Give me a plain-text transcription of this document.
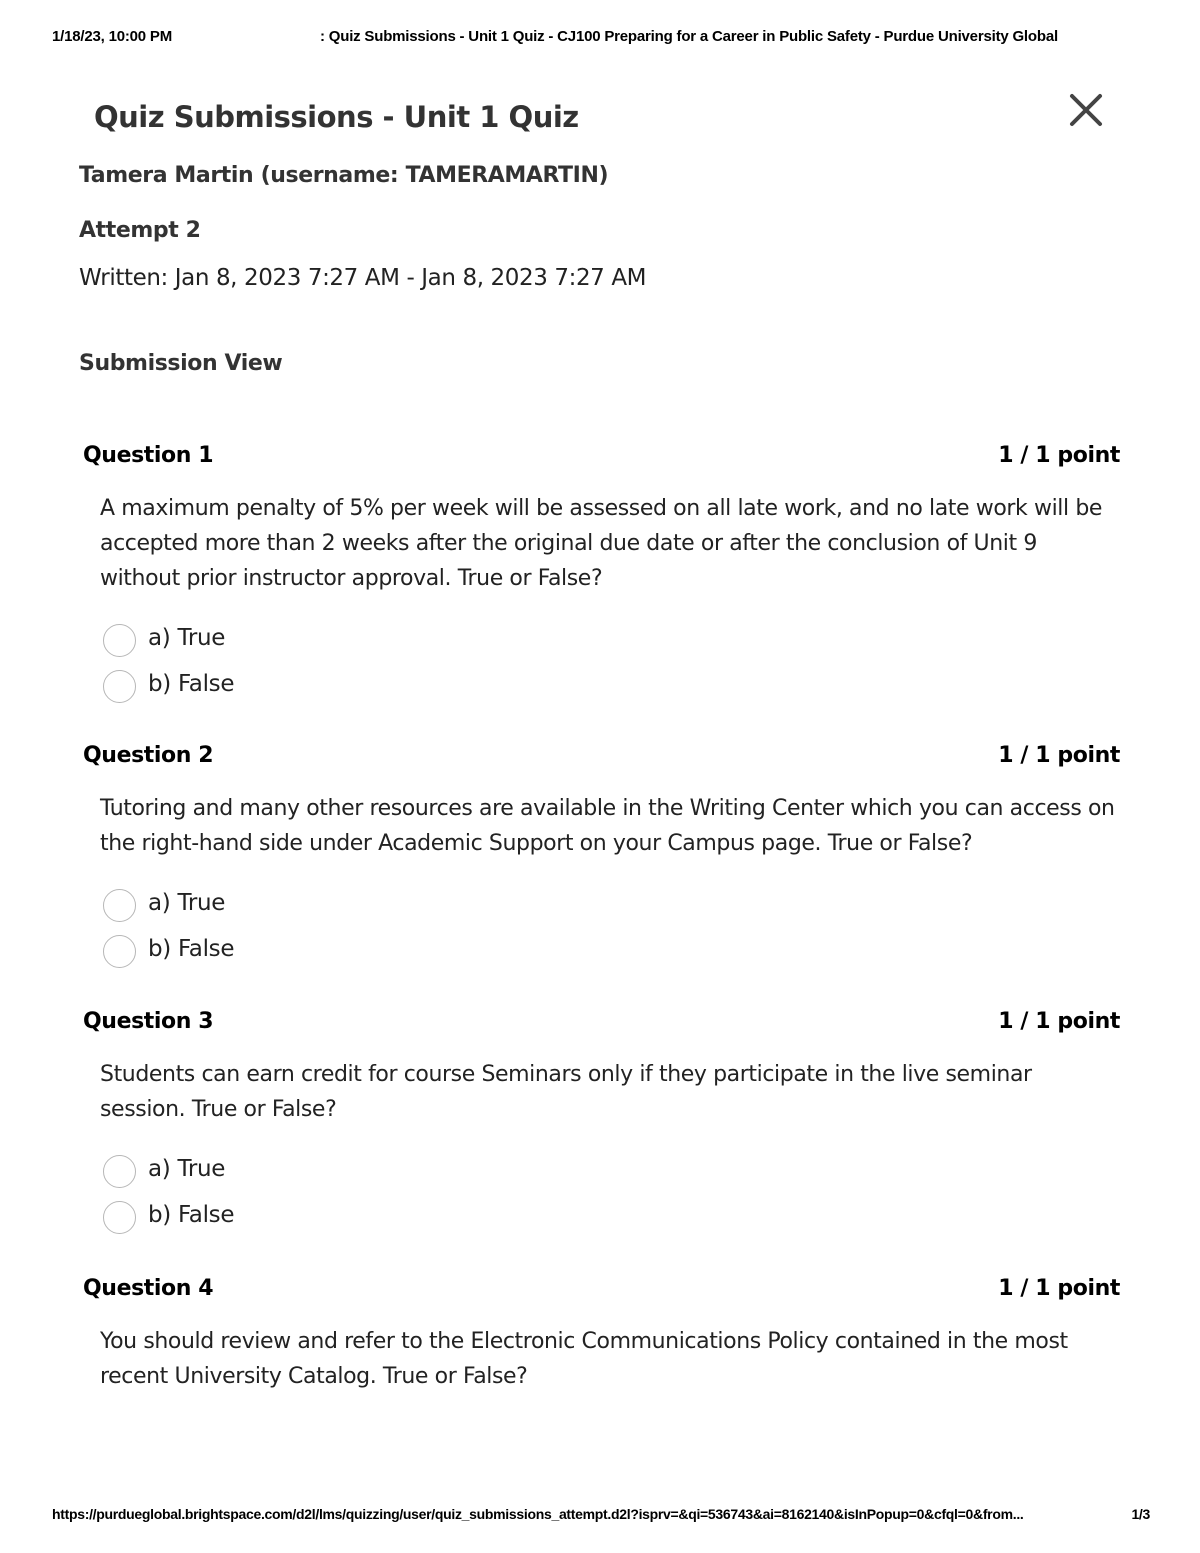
1/18/23, 10:00 PM	: Quiz Submissions - Unit 1 Quiz - CJ100 Preparing for a Career in Public Safety - Purdue University Global
Quiz Submissions - Unit 1 Quiz

Tamera Martin (username: TAMERAMARTIN)

Attempt 2

Written: Jan 8, 2023 7:27 AM - Jan 8, 2023 7:27 AM

Submission View

Question 1	1 / 1 point
A maximum penalty of 5% per week will be assessed on all late work, and no late work will be accepted more than 2 weeks after the original due date or after the conclusion of Unit 9 without prior instructor approval. True or False?
a) True
b) False
Question 2	1 / 1 point
Tutoring and many other resources are available in the Writing Center which you can access on the right-hand side under Academic Support on your Campus page. True or False?
a) True
b) False
Question 3	1 / 1 point
Students can earn credit for course Seminars only if they participate in the live seminar session. True or False?
a) True
b) False
Question 4	1 / 1 point
You should review and refer to the Electronic Communications Policy contained in the most recent University Catalog. True or False?
https://purdueglobal.brightspace.com/d2l/lms/quizzing/user/quiz_submissions_attempt.d2l?isprv=&qi=536743&ai=8162140&isInPopup=0&cfql=0&from...	1/3
